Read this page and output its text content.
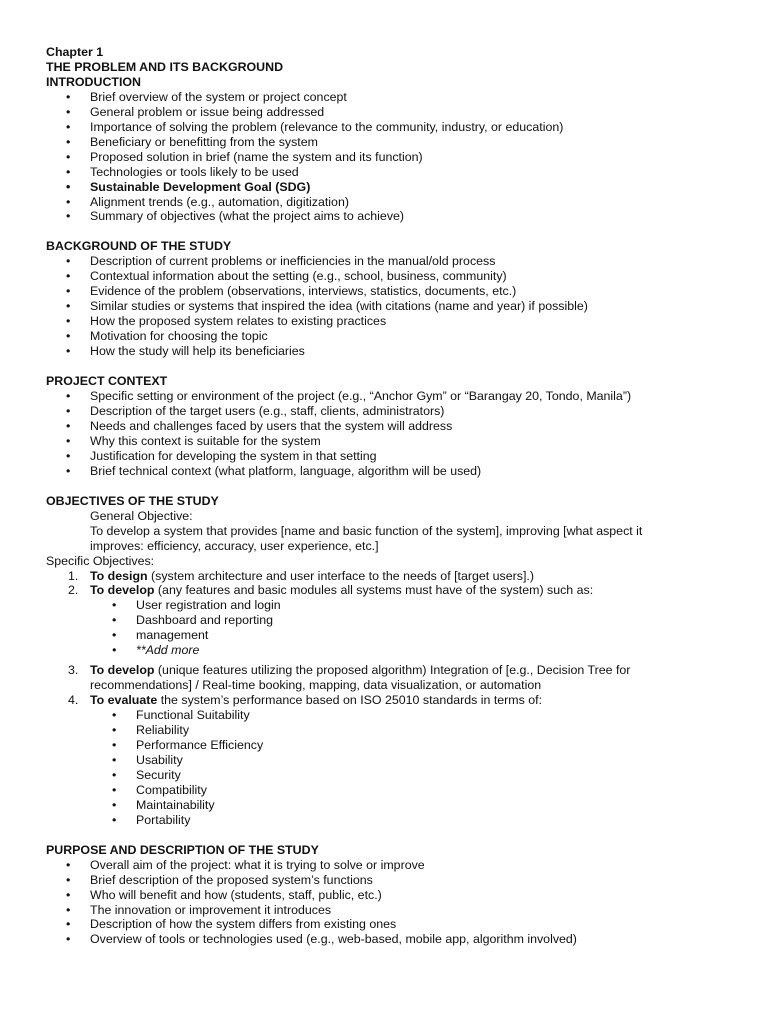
Chapter 1
THE PROBLEM AND ITS BACKGROUND
INTRODUCTION
• Brief overview of the system or project concept
• General problem or issue being addressed
• Importance of solving the problem (relevance to the community, industry, or education)
• Beneficiary or benefitting from the system
• Proposed solution in brief (name the system and its function)
• Technologies or tools likely to be used
• Sustainable Development Goal (SDG)
• Alignment trends (e.g., automation, digitization)
• Summary of objectives (what the project aims to achieve)
BACKGROUND OF THE STUDY
• Description of current problems or inefficiencies in the manual/old process
• Contextual information about the setting (e.g., school, business, community)
• Evidence of the problem (observations, interviews, statistics, documents, etc.)
• Similar studies or systems that inspired the idea (with citations (name and year) if possible)
• How the proposed system relates to existing practices
• Motivation for choosing the topic
• How the study will help its beneficiaries
PROJECT CONTEXT
• Specific setting or environment of the project (e.g., “Anchor Gym” or “Barangay 20, Tondo, Manila”)
• Description of the target users (e.g., staff, clients, administrators)
• Needs and challenges faced by users that the system will address
• Why this context is suitable for the system
• Justification for developing the system in that setting
• Brief technical context (what platform, language, algorithm will be used)
OBJECTIVES OF THE STUDY
General Objective:
To develop a system that provides [name and basic function of the system], improving [what aspect it
improves: efficiency, accuracy, user experience, etc.]
Specific Objectives:
1. To design (system architecture and user interface to the needs of [target users].)
2. To develop (any features and basic modules all systems must have of the system) such as:
• User registration and login
• Dashboard and reporting
• management
• **Add more
3. To develop (unique features utilizing the proposed algorithm) Integration of [e.g., Decision Tree for
recommendations] / Real-time booking, mapping, data visualization, or automation
4. To evaluate the system’s performance based on ISO 25010 standards in terms of:
• Functional Suitability
• Reliability
• Performance Efficiency
• Usability
• Security
• Compatibility
• Maintainability
• Portability
PURPOSE AND DESCRIPTION OF THE STUDY
• Overall aim of the project: what it is trying to solve or improve
• Brief description of the proposed system’s functions
• Who will benefit and how (students, staff, public, etc.)
• The innovation or improvement it introduces
• Description of how the system differs from existing ones
• Overview of tools or technologies used (e.g., web-based, mobile app, algorithm involved)
